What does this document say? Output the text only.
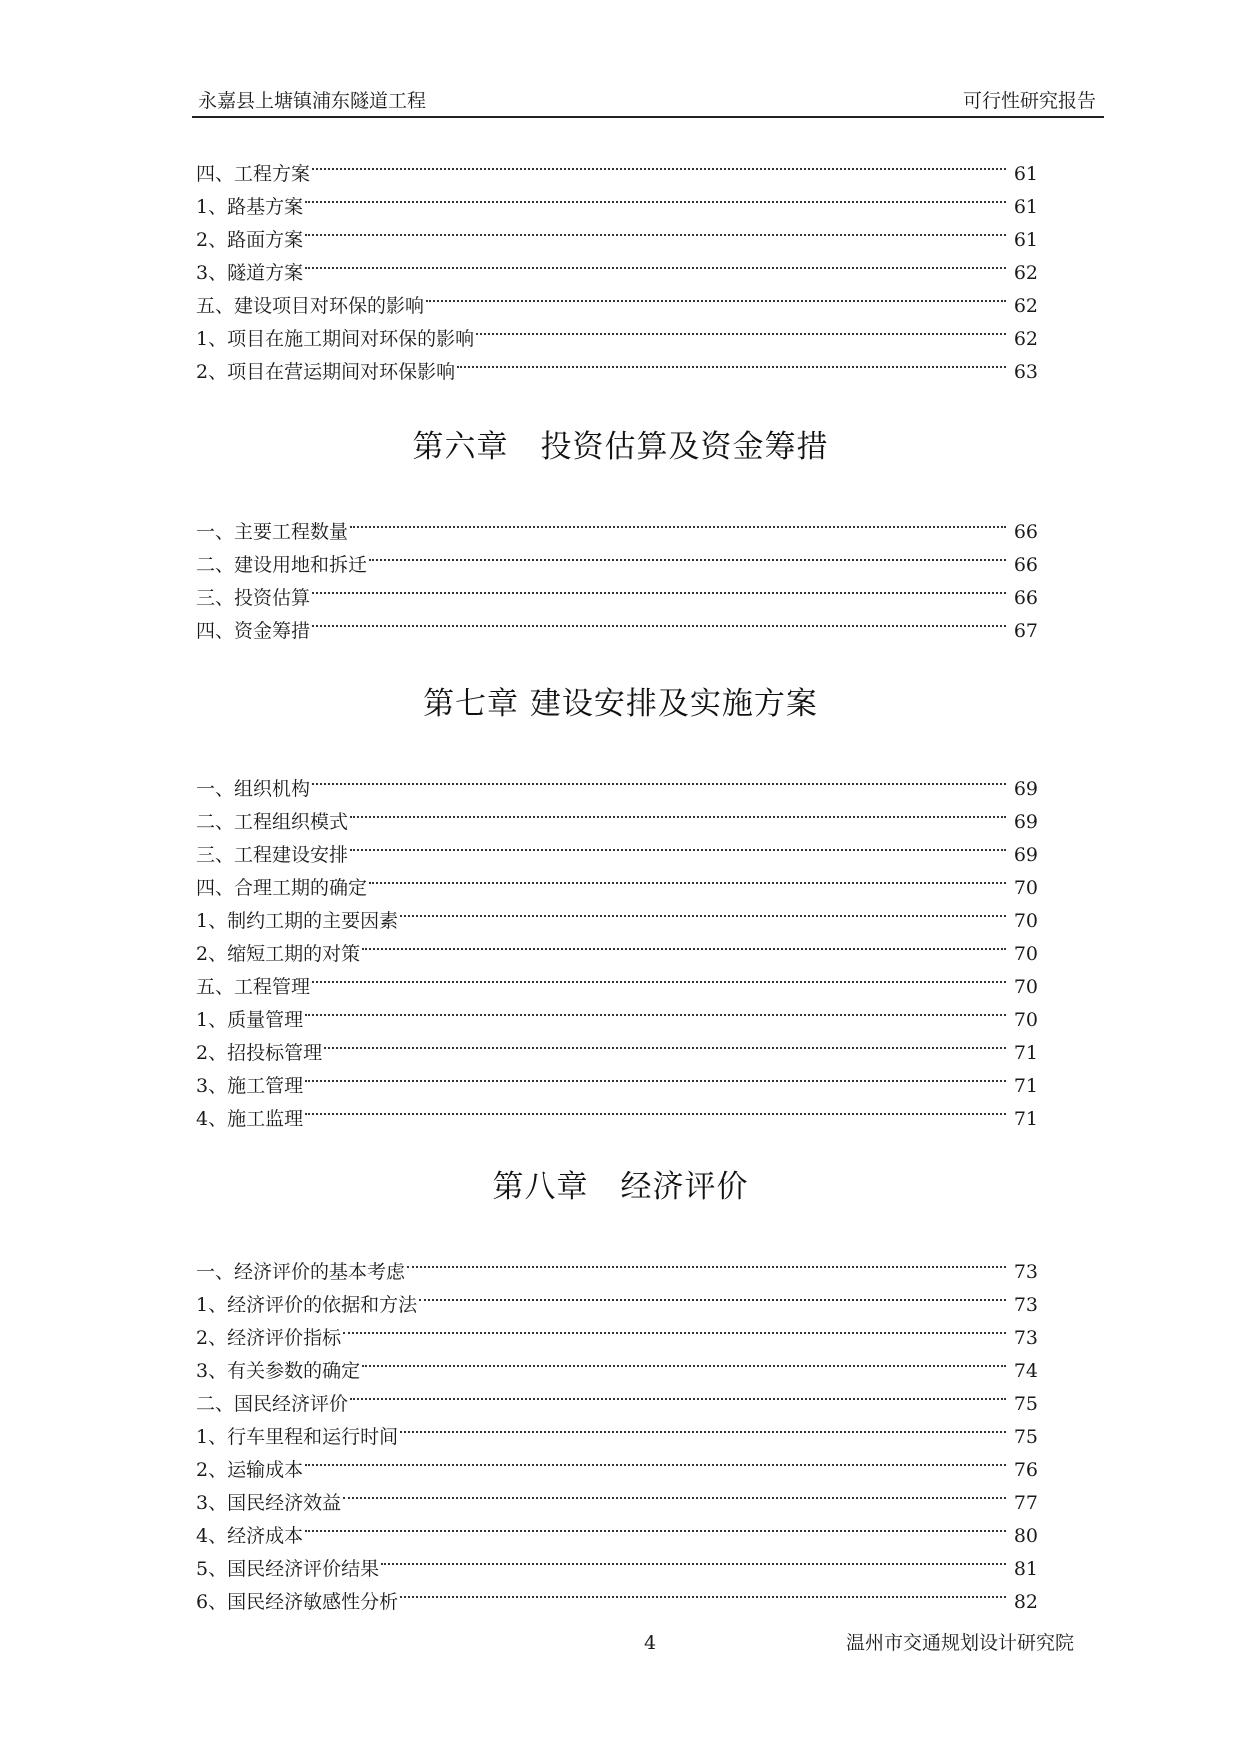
永嘉县上塘镇浦东隧道工程	可行性研究报告
四、工程方案	61
1、路基方案	61
2、路面方案	61
3、隧道方案	62
五、建设项目对环保的影响	62
1、项目在施工期间对环保的影响	62
2、项目在营运期间对环保影响	63
第六章　投资估算及资金筹措
一、主要工程数量	66
二、建设用地和拆迁	66
三、投资估算	66
四、资金筹措	67
第七章 建设安排及实施方案
一、组织机构	69
二、工程组织模式	69
三、工程建设安排	69
四、合理工期的确定	70
1、制约工期的主要因素	70
2、缩短工期的对策	70
五、工程管理	70
1、质量管理	70
2、招投标管理	71
3、施工管理	71
4、施工监理	71
第八章　经济评价
一、经济评价的基本考虑	73
1、经济评价的依据和方法	73
2、经济评价指标	73
3、有关参数的确定	74
二、国民经济评价	75
1、行车里程和运行时间	75
2、运输成本	76
3、国民经济效益	77
4、经济成本	80
5、国民经济评价结果	81
6、国民经济敏感性分析	82
4	温州市交通规划设计研究院
